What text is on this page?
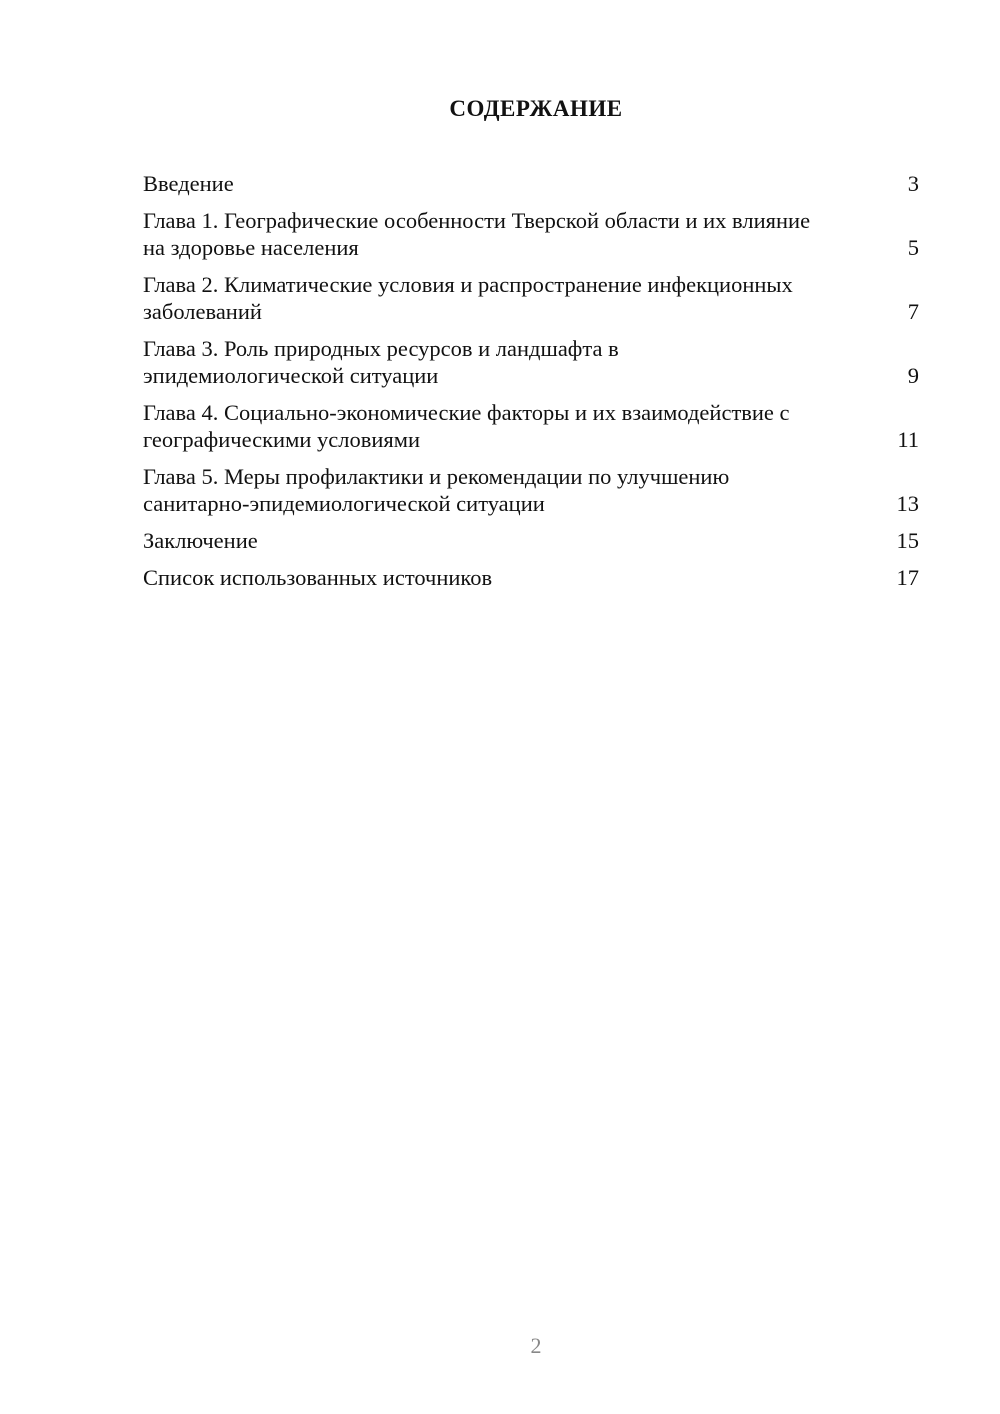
СОДЕРЖАНИЕ
Введение	3
Глава 1. Географические особенности Тверской области и их влияние на здоровье населения	5
Глава 2. Климатические условия и распространение инфекционных заболеваний	7
Глава 3. Роль природных ресурсов и ландшафта в эпидемиологической ситуации	9
Глава 4. Социально-экономические факторы и их взаимодействие с географическими условиями	11
Глава 5. Меры профилактики и рекомендации по улучшению санитарно-эпидемиологической ситуации	13
Заключение	15
Список использованных источников	17
2
